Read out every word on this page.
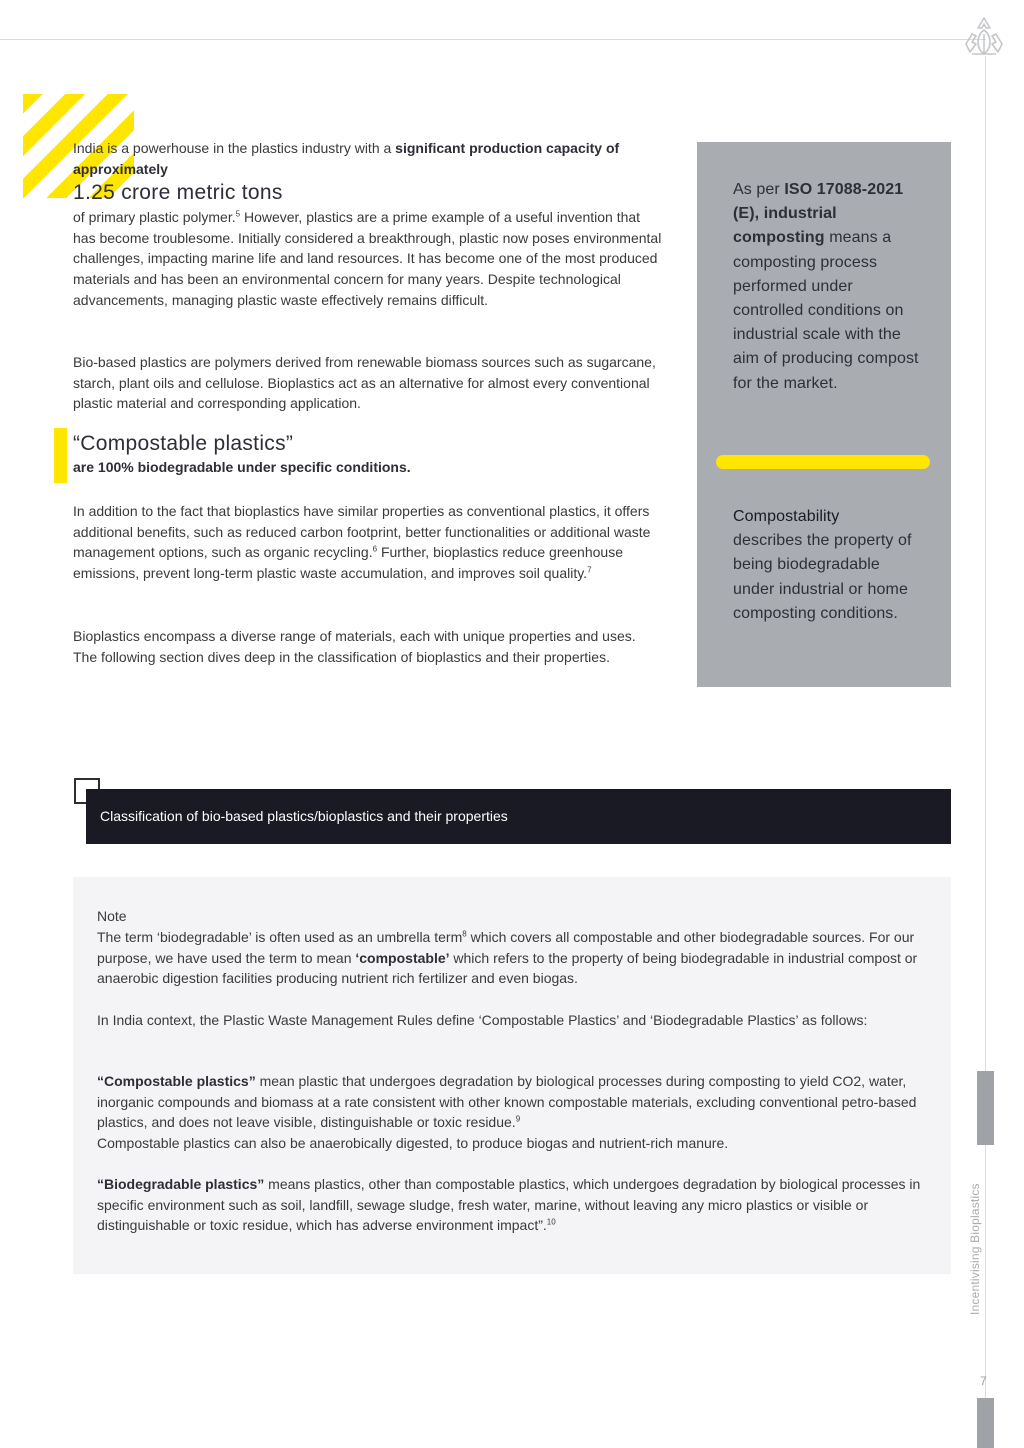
Incentivising Bioplastics
7
India is a powerhouse in the plastics industry with a significant production capacity of approximately
1.25 crore metric tons
of primary plastic polymer.$^5$ However, plastics are a prime example of a useful invention that has become troublesome. Initially considered a breakthrough, plastic now poses environmental challenges, impacting marine life and land resources. It has become one of the most produced materials and has been an environmental concern for many years. Despite technological advancements, managing plastic waste effectively remains difficult.
Bio-based plastics are polymers derived from renewable biomass sources such as sugarcane, starch, plant oils and cellulose. Bioplastics act as an alternative for almost every conventional plastic material and corresponding application.
“Compostable plastics”
are 100% biodegradable under specific conditions.
In addition to the fact that bioplastics have similar properties as conventional plastics, it offers additional benefits, such as reduced carbon footprint, better functionalities or additional waste management options, such as organic recycling.$^6$ Further, bioplastics reduce greenhouse emissions, prevent long-term plastic waste accumulation, and improves soil quality.$^7$
Bioplastics encompass a diverse range of materials, each with unique properties and uses. The following section dives deep in the classification of bioplastics and their properties.
As per ISO 17088-2021 (E), industrial composting means a composting process performed under controlled conditions on industrial scale with the aim of producing compost for the market.
Compostability
describes the property of being biodegradable under industrial or home composting conditions.
Classification of bio-based plastics/bioplastics and their properties
Note
The term ‘biodegradable’ is often used as an umbrella term$^8$ which covers all compostable and other biodegradable sources. For our purpose, we have used the term to mean ‘compostable’ which refers to the property of being biodegradable in industrial compost or anaerobic digestion facilities producing nutrient rich fertilizer and even biogas.
In India context, the Plastic Waste Management Rules define ‘Compostable Plastics’ and ‘Biodegradable Plastics’ as follows:
“Compostable plastics” mean plastic that undergoes degradation by biological processes during composting to yield CO2, water, inorganic compounds and biomass at a rate consistent with other known compostable materials, excluding conventional petro-based plastics, and does not leave visible, distinguishable or toxic residue.$^9$
Compostable plastics can also be anaerobically digested, to produce biogas and nutrient-rich manure.
“Biodegradable plastics” means plastics, other than compostable plastics, which undergoes degradation by biological processes in specific environment such as soil, landfill, sewage sludge, fresh water, marine, without leaving any micro plastics or visible or distinguishable or toxic residue, which has adverse environment impact”.$^{10}$
